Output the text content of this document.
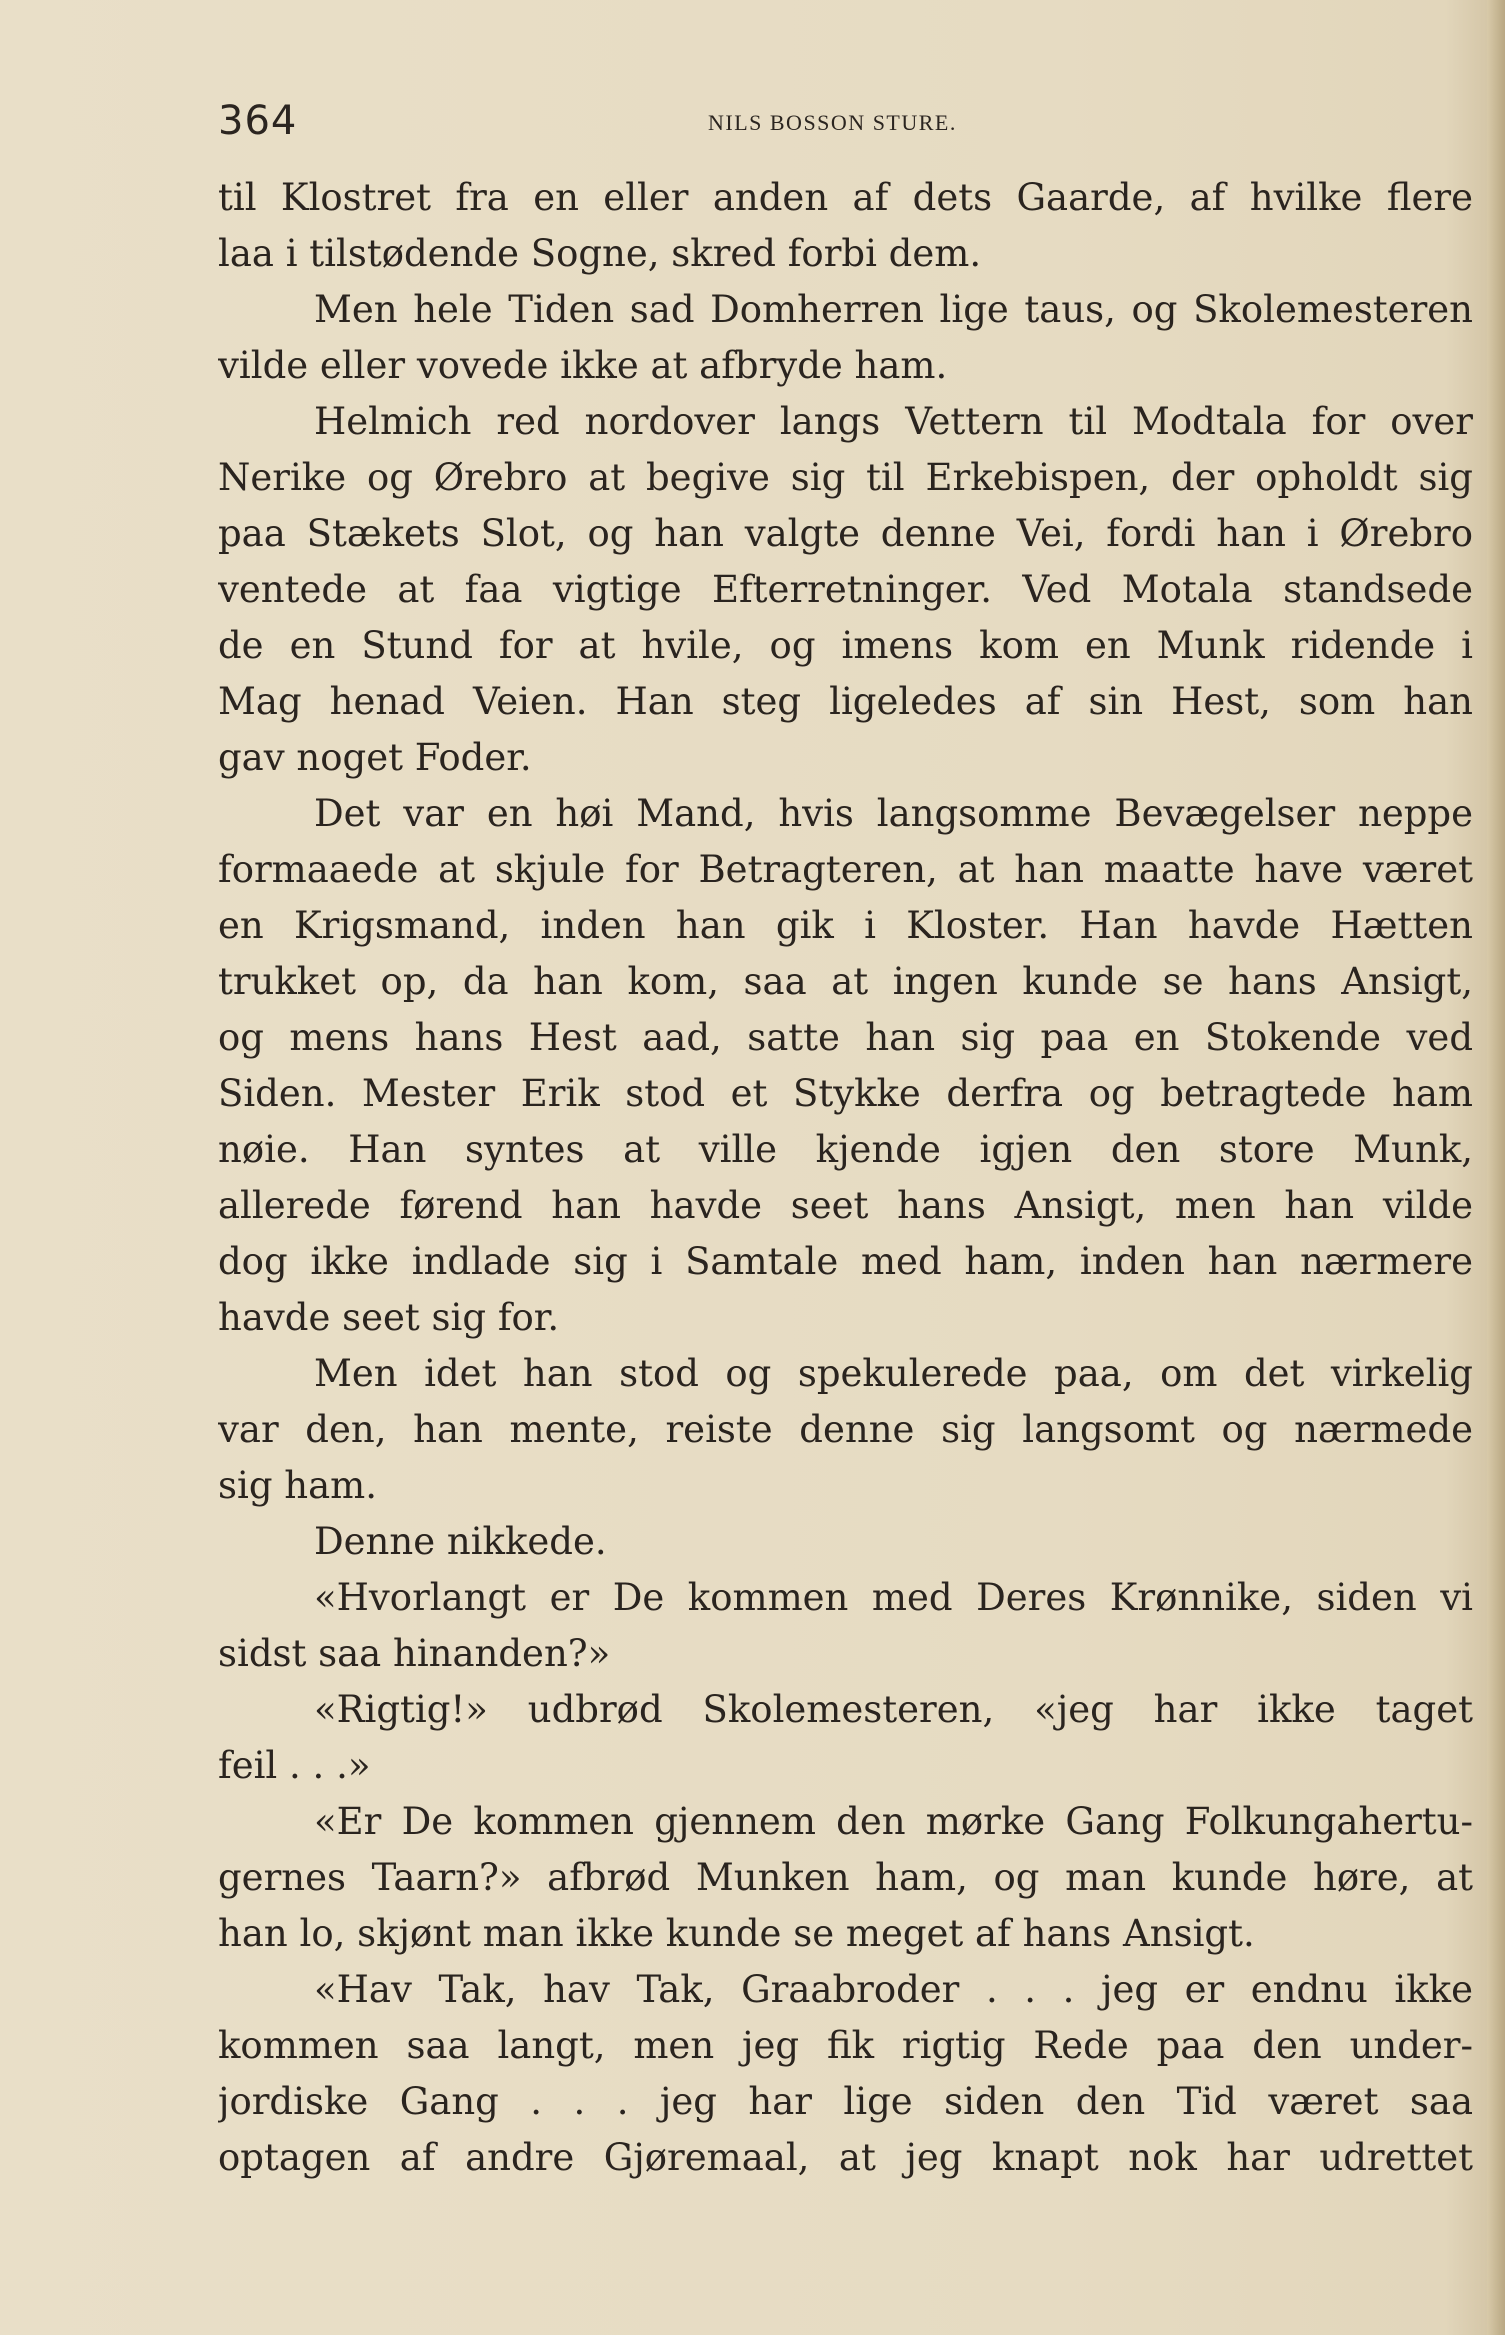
364	NILS BOSSON STURE.
til Klostret fra en eller anden af dets Gaarde, af hvilke flere
laa i tilstødende Sogne, skred forbi dem.
Men hele Tiden sad Domherren lige taus, og Skolemesteren
vilde eller vovede ikke at afbryde ham.
Helmich red nordover langs Vettern til Modtala for over
Nerike og Ørebro at begive sig til Erkebispen, der opholdt sig
paa Stækets Slot, og han valgte denne Vei, fordi han i Ørebro
ventede at faa vigtige Efterretninger. Ved Motala standsede
de en Stund for at hvile, og imens kom en Munk ridende i
Mag henad Veien. Han steg ligeledes af sin Hest, som han
gav noget Foder.
Det var en høi Mand, hvis langsomme Bevægelser neppe
formaaede at skjule for Betragteren, at han maatte have været
en Krigsmand, inden han gik i Kloster. Han havde Hætten
trukket op, da han kom, saa at ingen kunde se hans Ansigt,
og mens hans Hest aad, satte han sig paa en Stokende ved
Siden. Mester Erik stod et Stykke derfra og betragtede ham
nøie. Han syntes at ville kjende igjen den store Munk,
allerede førend han havde seet hans Ansigt, men han vilde
dog ikke indlade sig i Samtale med ham, inden han nærmere
havde seet sig for.
Men idet han stod og spekulerede paa, om det virkelig
var den, han mente, reiste denne sig langsomt og nærmede
sig ham.
Denne nikkede.
«Hvorlangt er De kommen med Deres Krønnike, siden vi
sidst saa hinanden?»
«Rigtig!» udbrød Skolemesteren, «jeg har ikke taget
feil . . .»
«Er De kommen gjennem den mørke Gang Folkungahertu-
gernes Taarn?» afbrød Munken ham, og man kunde høre, at
han lo, skjønt man ikke kunde se meget af hans Ansigt.
«Hav Tak, hav Tak, Graabroder . . . jeg er endnu ikke
kommen saa langt, men jeg fik rigtig Rede paa den under-
jordiske Gang . . . jeg har lige siden den Tid været saa
optagen af andre Gjøremaal, at jeg knapt nok har udrettet
